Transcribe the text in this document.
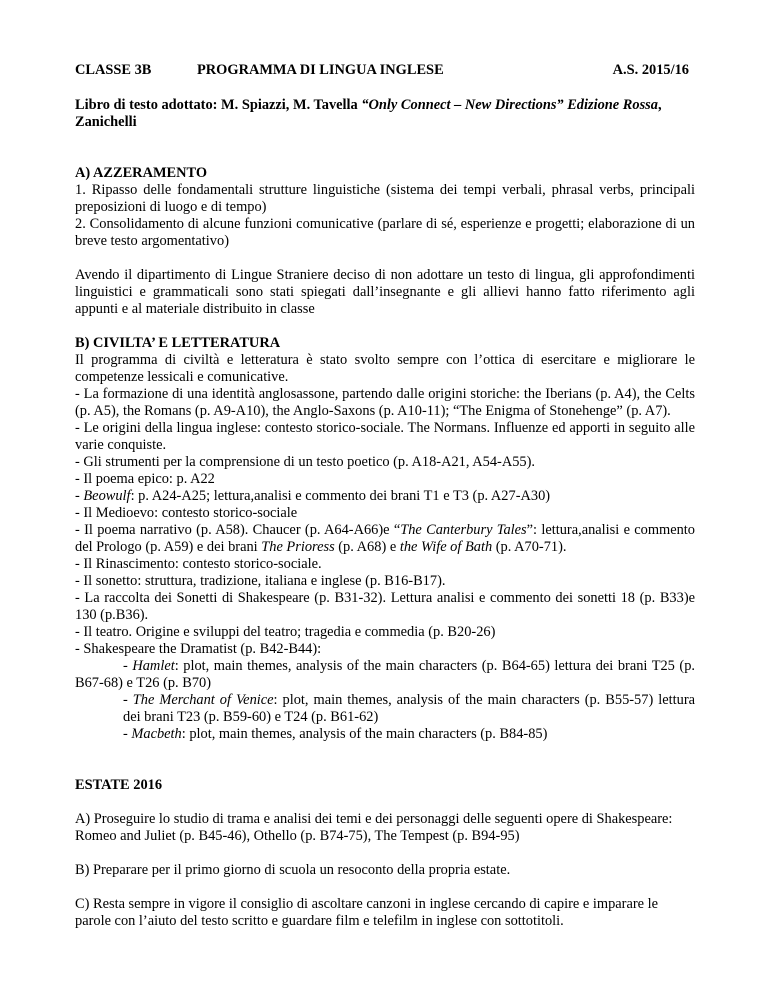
CLASSE 3B	PROGRAMMA DI LINGUA INGLESE	A.S. 2015/16

Libro di testo adottato: M. Spiazzi, M. Tavella “Only Connect – New Directions” Edizione Rossa, Zanichelli

A) AZZERAMENTO

1. Ripasso delle fondamentali strutture linguistiche (sistema dei tempi verbali, phrasal verbs, principali preposizioni di luogo e di tempo)

2. Consolidamento di alcune funzioni comunicative (parlare di sé, esperienze e progetti; elaborazione di un breve testo argomentativo)

Avendo il dipartimento di Lingue Straniere deciso di non adottare un testo di lingua, gli approfondimenti linguistici e grammaticali sono stati spiegati dall’insegnante e gli allievi hanno fatto riferimento agli appunti e al materiale distribuito in classe

B) CIVILTA’ E LETTERATURA

Il programma di civiltà e letteratura è stato svolto sempre con l’ottica di esercitare e migliorare le competenze lessicali e comunicative.

- La formazione di una identità anglosassone, partendo dalle origini storiche: the Iberians (p. A4), the Celts (p. A5), the Romans (p. A9-A10), the Anglo-Saxons (p. A10-11); “The Enigma of Stonehenge” (p. A7).

- Le origini della lingua inglese: contesto storico-sociale. The Normans. Influenze ed apporti in seguito alle varie conquiste.

- Gli strumenti per la comprensione di un testo poetico (p. A18-A21, A54-A55).

- Il poema epico: p. A22

- Beowulf: p. A24-A25; lettura,analisi e commento dei brani T1 e T3 (p. A27-A30)

- Il Medioevo: contesto storico-sociale

- Il poema narrativo (p. A58). Chaucer (p. A64-A66)e “The Canterbury Tales”: lettura,analisi e commento del Prologo (p. A59) e dei brani The Prioress (p. A68) e the Wife of Bath (p. A70-71).

- Il Rinascimento: contesto storico-sociale.

- Il sonetto: struttura, tradizione, italiana e inglese (p. B16-B17).

- La raccolta dei Sonetti di Shakespeare (p. B31-32). Lettura analisi e commento dei sonetti 18 (p. B33)e 130 (p.B36).

- Il teatro. Origine e sviluppi del teatro; tragedia e commedia (p. B20-26)

- Shakespeare the Dramatist (p. B42-B44):

- Hamlet: plot, main themes, analysis of the main characters (p. B64-65) lettura dei brani T25 (p. B67-68) e T26 (p. B70)

- The Merchant of Venice: plot, main themes, analysis of the main characters (p. B55-57) lettura dei brani T23 (p. B59-60) e T24 (p. B61-62)

- Macbeth: plot, main themes, analysis of the main characters (p. B84-85)

ESTATE 2016

A) Proseguire lo studio di trama e analisi dei temi e dei personaggi delle seguenti opere di Shakespeare: Romeo and Juliet (p. B45-46), Othello (p. B74-75), The Tempest (p. B94-95)

B) Preparare per il primo giorno di scuola un resoconto della propria estate.

C) Resta sempre in vigore il consiglio di ascoltare canzoni in inglese cercando di capire e imparare le parole con l’aiuto del testo scritto e guardare film e telefilm in inglese con sottotitoli.
